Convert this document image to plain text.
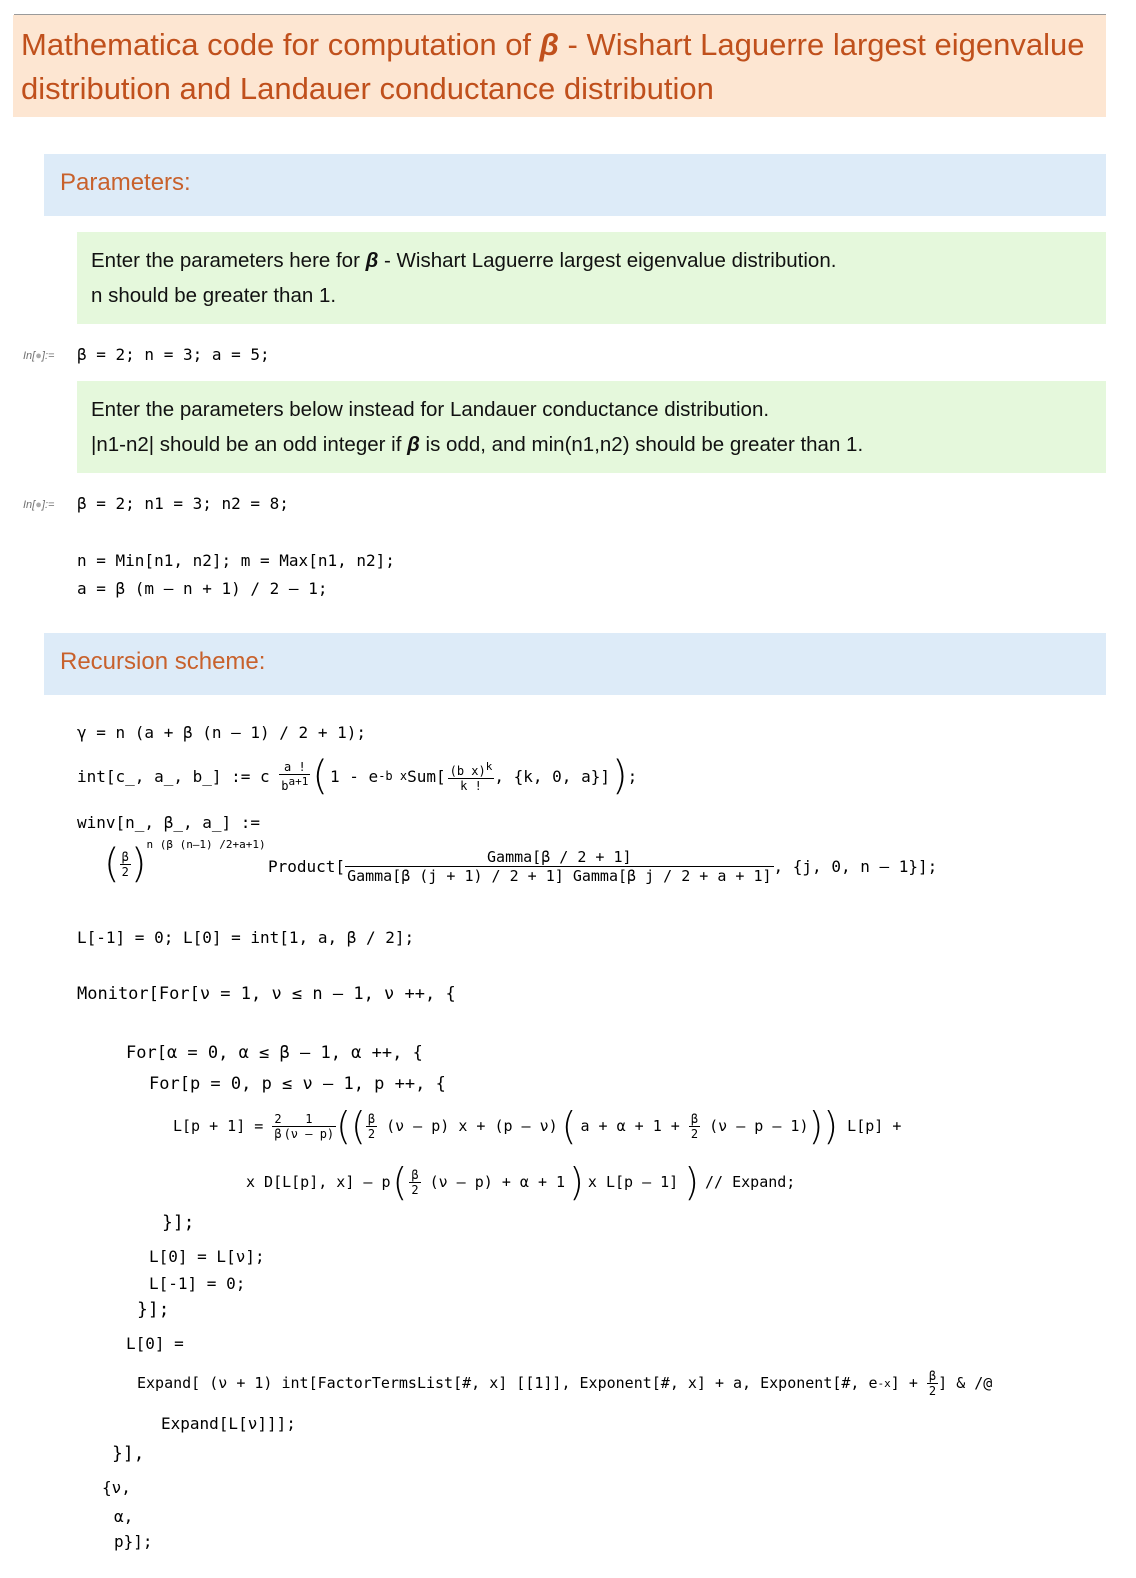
Mathematica code for computation of β - Wishart Laguerre largest eigenvalue
distribution and Landauer conductance distribution
Parameters:
Enter the parameters here for β - Wishart Laguerre largest eigenvalue distribution.
n should be greater than 1.
In[●]:= β = 2; n = 3; a = 5;
Enter the parameters below instead for Landauer conductance distribution.
|n1-n2| should be an odd integer if β is odd, and min(n1,n2) should be greater than 1.
In[●]:= β = 2; n1 = 3; n2 = 8;
n = Min[n1, n2]; m = Max[n1, n2];
a = β (m – n + 1) / 2 – 1;
Recursion scheme:
γ = n (a + β (n – 1) / 2 + 1);
int[c_, a_, b_] := c
$\frac{a !}{b^{a+1}}$ ( 1 - e -b x $Sum[ \frac{(b x)^k}{k !}$ , {k, 0, a}] ) ;
winv[n_, β_, a_] :=
( $\frac{\beta}{2}$ ) n (β (n–1) /2+a+1)
Product[ $\frac{\text{Gamma[β / 2 + 1]}}{\text{Gamma[β (j + 1) / 2 + 1] Gamma[β j / 2 + a + 1]}}$ , {j, 0, n – 1}];
L[-1] = 0; L[0] = int[1, a, β / 2];
Monitor[For[ν = 1, ν ≤ n – 1, ν ++, {
For[α = 0, α ≤ β – 1, α ++, {
For[p = 0, p ≤ ν – 1, p ++, {
L[p + 1] =
$\frac{2}{\beta}$
$\frac{1}{(\nu - p)}$ (( $\frac{\beta}{2}$
(ν – p) x + (p – ν) ( a + α + 1 +
$\frac{\beta}{2}$
(ν – p – 1) ))
L[p] +
x D[L[p], x] – p ( $\frac{\beta}{2}$
(ν – p) + α + 1 ) x L[p – 1] ) // Expand;
}];
L[0] = L[ν];
L[-1] = 0;
}];
L[0] =
Expand[ (ν + 1) int[FactorTermsList[#, x] [[1]], Exponent[#, x] + a, Exponent[#, e -x ] +
$\frac{\beta}{2}$ ] & /@
Expand[L[ν]]];
}],
{ν,
α,
p}];
